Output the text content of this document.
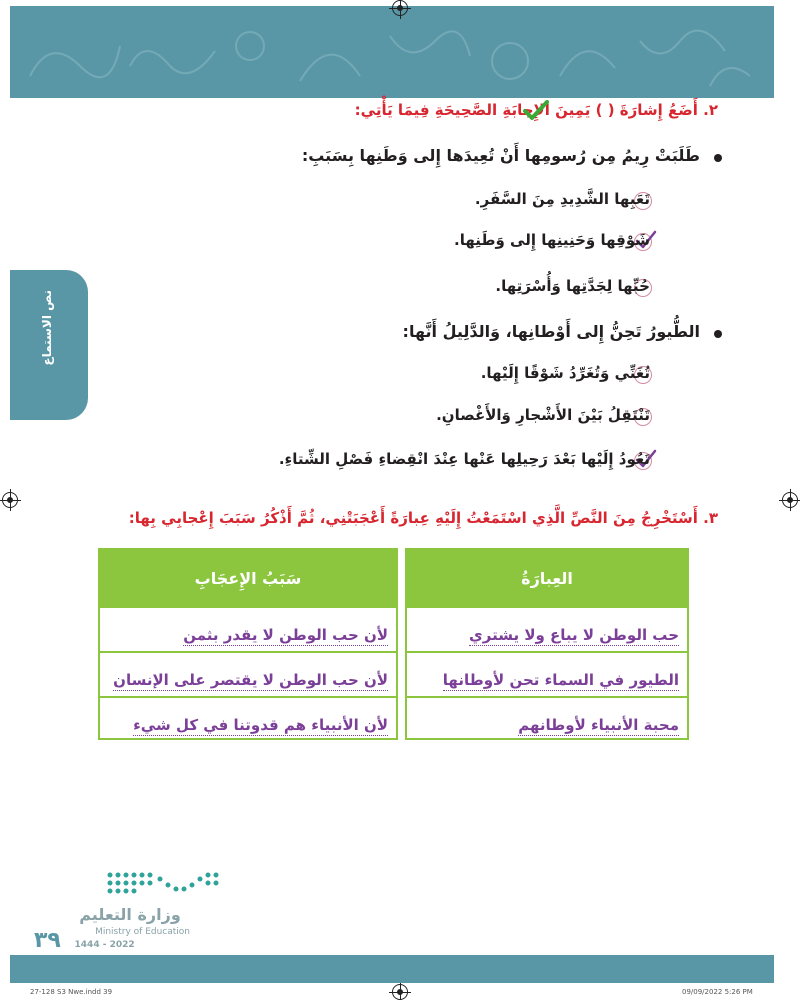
نص الاستماع
٢. أَضَعُ إِشارَةَ ( ) يَمِينَ الإِجابَةِ الصَّحِيحَةِ فِيمَا يَأْتِي:
طَلَبَتْ رِيمُ مِن رُسومِها أَنْ تُعِيدَها إِلى وَطَنِها بِسَبَبِ:
تَعَبِها الشَّدِيدِ مِنَ السَّفَرِ.
شَوْقِها وَحَنِينِها إِلى وَطَنِها.
حُبِّها لِجَدَّتِها وَأُسْرَتِها.
الطُّيورُ تَحِنُّ إِلى أَوْطانِها، وَالدَّلِيلُ أَنَّها:
تُغَنِّي وَتُغَرِّدُ شَوْقًا إِلَيْها.
تَنْتَقِلُ بَيْنَ الأَشْجارِ وَالأَغْصانِ.
تَعُودُ إِلَيْها بَعْدَ رَحِيلِها عَنْها عِنْدَ انْقِضاءِ فَصْلِ الشِّتاءِ.
٣. أَسْتَخْرِجُ مِنَ النَّصِّ الَّذِي اسْتَمَعْتُ إِلَيْهِ عِبارَةً أَعْجَبَتْنِي، ثُمَّ أَذْكُرُ سَبَبَ إِعْجابِي بِها:
العِبارَةُ
حب الوطن لا يباع ولا يشتري
الطيور في السماء تحن لأوطانها
محبة الأنبياء لأوطانهم
سَبَبُ الإِعجَابِ
لأن حب الوطن لا يقدر بثمن
لأن حب الوطن لا يقتصر على الإنسان
لأن الأنبياء هم قدوتنا في كل شيء
وزارة التعليم
Ministry of Education
٣٩ 1444 - 2022
27-128 S3 Nwe.indd 39	09/09/2022 5:26 PM
